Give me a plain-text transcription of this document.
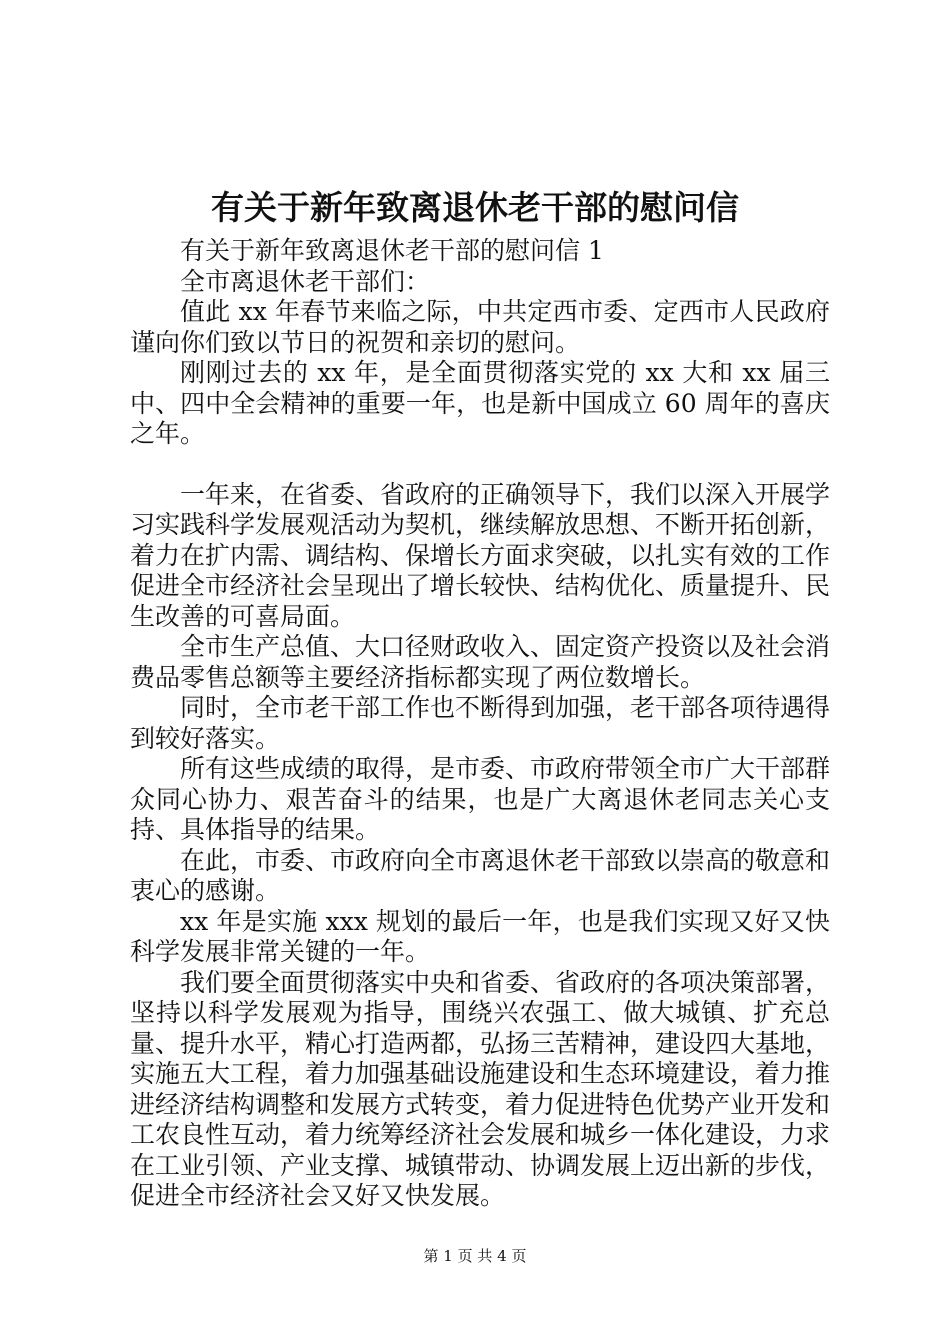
有关于新年致离退休老干部的慰问信

有关于新年致离退休老干部的慰问信 1

全市离退休老干部们：

值此 xx 年春节来临之际，中共定西市委、定西市人民政府谨向你们致以节日的祝贺和亲切的慰问。

刚刚过去的 xx 年，是全面贯彻落实党的 xx 大和 xx 届三中、四中全会精神的重要一年，也是新中国成立 60 周年的喜庆之年。

一年来，在省委、省政府的正确领导下，我们以深入开展学习实践科学发展观活动为契机，继续解放思想、不断开拓创新，着力在扩内需、调结构、保增长方面求突破，以扎实有效的工作促进全市经济社会呈现出了增长较快、结构优化、质量提升、民生改善的可喜局面。

全市生产总值、大口径财政收入、固定资产投资以及社会消费品零售总额等主要经济指标都实现了两位数增长。

同时，全市老干部工作也不断得到加强，老干部各项待遇得到较好落实。

所有这些成绩的取得，是市委、市政府带领全市广大干部群众同心协力、艰苦奋斗的结果，也是广大离退休老同志关心支持、具体指导的结果。

在此，市委、市政府向全市离退休老干部致以崇高的敬意和衷心的感谢。

xx 年是实施 xxx 规划的最后一年，也是我们实现又好又快科学发展非常关键的一年。

我们要全面贯彻落实中央和省委、省政府的各项决策部署，坚持以科学发展观为指导，围绕兴农强工、做大城镇、扩充总量、提升水平，精心打造两都，弘扬三苦精神，建设四大基地，实施五大工程，着力加强基础设施建设和生态环境建设，着力推进经济结构调整和发展方式转变，着力促进特色优势产业开发和工农良性互动，着力统筹经济社会发展和城乡一体化建设，力求在工业引领、产业支撑、城镇带动、协调发展上迈出新的步伐，促进全市经济社会又好又快发展。

第 1 页 共 4 页
